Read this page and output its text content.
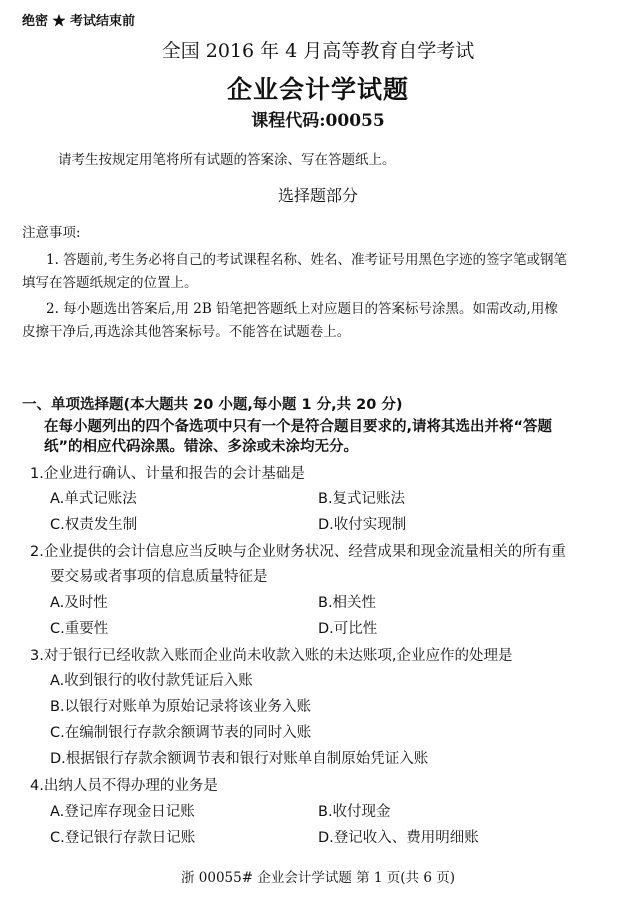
绝密 ★ 考试结束前
全国 2016 年 4 月高等教育自学考试
企业会计学试题
课程代码:00055
请考生按规定用笔将所有试题的答案涂、写在答题纸上。
选择题部分
注意事项:
1. 答题前,考生务必将自己的考试课程名称、姓名、准考证号用黑色字迹的签字笔或钢笔
填写在答题纸规定的位置上。
2. 每小题选出答案后,用 2B 铅笔把答题纸上对应题目的答案标号涂黑。如需改动,用橡
皮擦干净后,再选涂其他答案标号。不能答在试题卷上。
一、单项选择题(本大题共 20 小题,每小题 1 分,共 20 分)
在每小题列出的四个备选项中只有一个是符合题目要求的,请将其选出并将“答题
纸”的相应代码涂黑。错涂、多涂或未涂均无分。
1.企业进行确认、计量和报告的会计基础是
A.单式记账法	B.复式记账法
C.权责发生制	D.收付实现制
2.企业提供的会计信息应当反映与企业财务状况、经营成果和现金流量相关的所有重
要交易或者事项的信息质量特征是
A.及时性	B.相关性
C.重要性	D.可比性
3.对于银行已经收款入账而企业尚未收款入账的未达账项,企业应作的处理是
A.收到银行的收付款凭证后入账
B.以银行对账单为原始记录将该业务入账
C.在编制银行存款余额调节表的同时入账
D.根据银行存款余额调节表和银行对账单自制原始凭证入账
4.出纳人员不得办理的业务是
A.登记库存现金日记账	B.收付现金
C.登记银行存款日记账	D.登记收入、费用明细账
浙 00055# 企业会计学试题 第 1 页(共 6 页)
